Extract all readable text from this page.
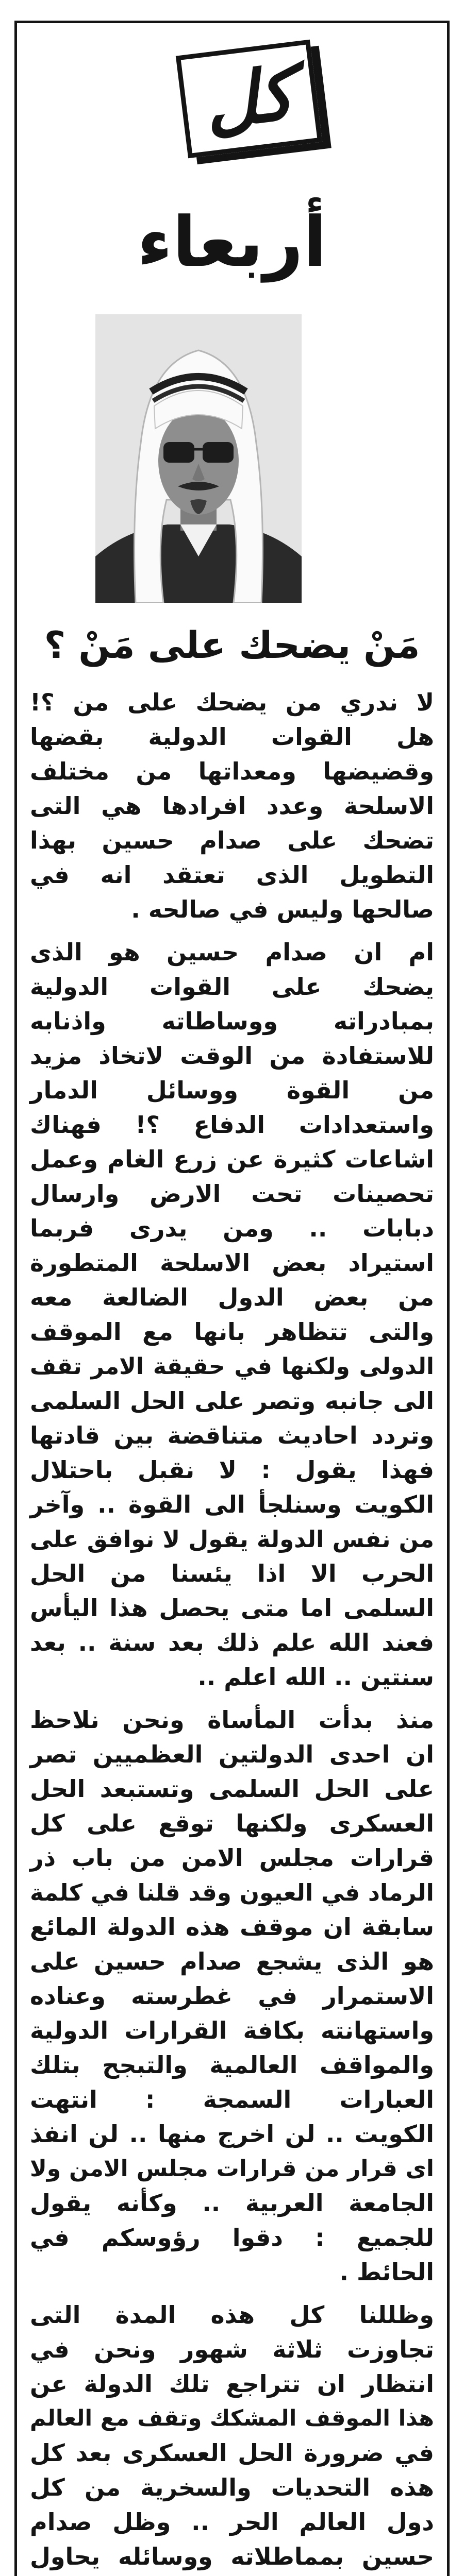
كل
أربعاء
مَنْ يضحك على مَنْ ؟
لا ندري من يضحك على من ؟!
هل القوات الدولية بقضها
وقضيضها ومعداتها من مختلف
الاسلحة وعدد افرادها هي التى
تضحك على صدام حسين بهذا
التطويل الذى تعتقد انه في
صالحها وليس في صالحه .
ام ان صدام حسين هو الذى
يضحك على القوات الدولية
بمبادراته ووساطاته واذنابه
للاستفادة من الوقت لاتخاذ مزيد
من القوة ووسائل الدمار
واستعدادات الدفاع ؟! فهناك
اشاعات كثيرة عن زرع الغام وعمل
تحصينات تحت الارض وارسال
دبابات .. ومن يدرى فربما
استيراد بعض الاسلحة المتطورة
من بعض الدول الضالعة معه
والتى تتظاهر بانها مع الموقف
الدولى ولكنها في حقيقة الامر تقف
الى جانبه وتصر على الحل السلمى
وتردد احاديث متناقضة بين قادتها
فهذا يقول : لا نقبل باحتلال
الكويت وسنلجأ الى القوة .. وآخر
من نفس الدولة يقول لا نوافق على
الحرب الا اذا يئسنا من الحل
السلمى اما متى يحصل هذا اليأس
فعند الله علم ذلك بعد سنة .. بعد
سنتين .. الله اعلم ..
منذ بدأت المأساة ونحن نلاحظ
ان احدى الدولتين العظميين تصر
على الحل السلمى وتستبعد الحل
العسكرى ولكنها توقع على كل
قرارات مجلس الامن من باب ذر
الرماد في العيون وقد قلنا في كلمة
سابقة ان موقف هذه الدولة المائع
هو الذى يشجع صدام حسين على
الاستمرار في غطرسته وعناده
واستهانته بكافة القرارات الدولية
والمواقف العالمية والتبجح بتلك
العبارات السمجة : انتهت
الكويت .. لن اخرج منها .. لن انفذ
اى قرار من قرارات مجلس الامن ولا
الجامعة العربية .. وكأنه يقول
للجميع : دقوا رؤوسكم في
الحائط .
وظللنا كل هذه المدة التى
تجاوزت ثلاثة شهور ونحن في
انتظار ان تتراجع تلك الدولة عن
هذا الموقف المشكك وتقف مع العالم
في ضرورة الحل العسكرى بعد كل
هذه التحديات والسخرية من كل
دول العالم الحر .. وظل صدام
حسين بمماطلاته ووسائله يحاول
